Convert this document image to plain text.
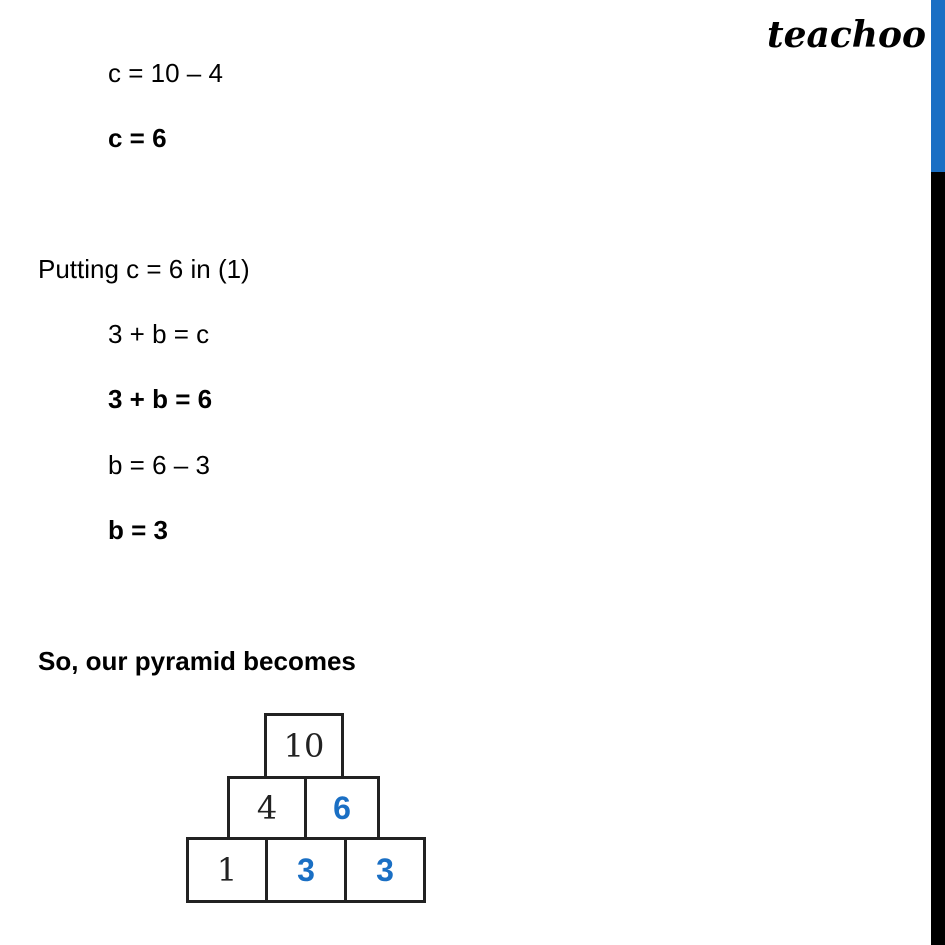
teachoo
c = 10 – 4
c = 6
Putting c = 6 in (1)
3 + b = c
3 + b = 6
b = 6 – 3
b = 3
So, our pyramid becomes
10
4	6
1	3	3
